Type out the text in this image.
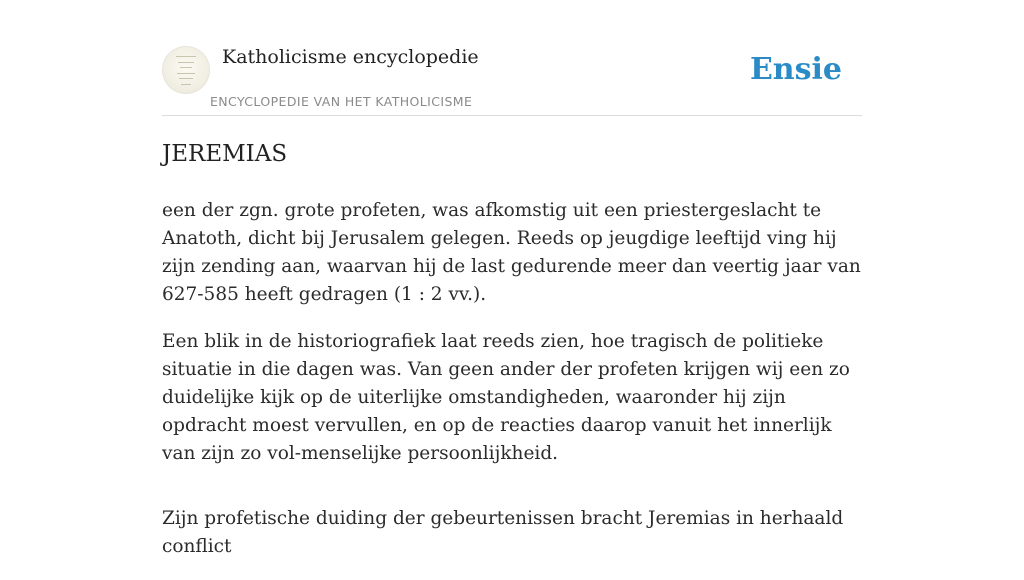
Katholicisme encyclopedie
ENCYCLOPEDIE VAN HET KATHOLICISME
Ensie
JEREMIAS

een der zgn. grote profeten, was afkomstig uit een priestergeslacht te Anatoth, dicht bij Jerusalem gelegen. Reeds op jeugdige leeftijd ving hij zijn zending aan, waarvan hij de last gedurende meer dan veertig jaar van 627-585 heeft gedragen (1 : 2 vv.).

Een blik in de historiografiek laat reeds zien, hoe tragisch de politieke situatie in die dagen was. Van geen ander der profeten krijgen wij een zo duidelijke kijk op de uiterlijke omstandigheden, waaronder hij zijn opdracht moest vervullen, en op de reacties daarop vanuit het innerlijk van zijn zo vol-menselijke persoonlijkheid.

Zijn profetische duiding der gebeurtenissen bracht Jeremias in herhaald conflict
